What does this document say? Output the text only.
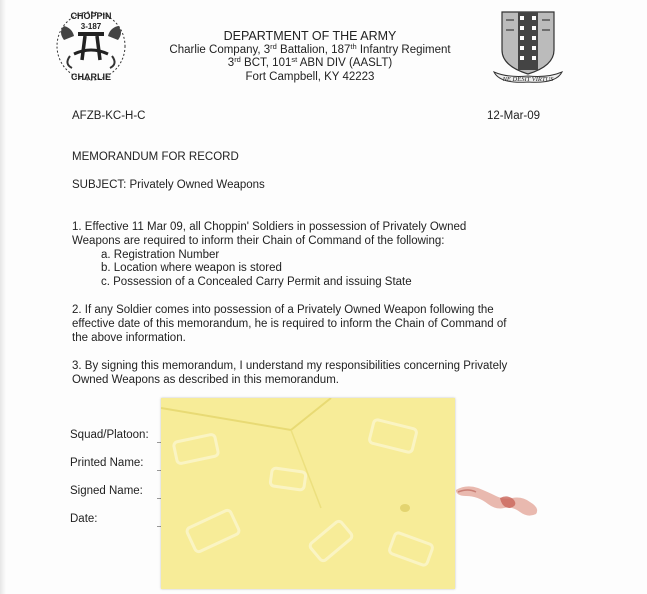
CHOPPIN
3-187
CHARLIE
DEPARTMENT OF THE ARMY
Charlie Company, 3rd Battalion, 187th Infantry Regiment
3rd BCT, 101st ABN DIV (AASLT)
Fort Campbell, KY 42223	NE DESIT VIRTUS
AFZB-KC-H-C	12-Mar-09
MEMORANDUM FOR RECORD
SUBJECT: Privately Owned Weapons
1. Effective 11 Mar 09, all Choppin' Soldiers in possession of Privately Owned
Weapons are required to inform their Chain of Command of the following:
a. Registration Number
b. Location where weapon is stored
c. Possession of a Concealed Carry Permit and issuing State
2. If any Soldier comes into possession of a Privately Owned Weapon following the
effective date of this memorandum, he is required to inform the Chain of Command of
the above information.
3. By signing this memorandum, I understand my responsibilities concerning Privately
Owned Weapons as described in this memorandum.
Squad/Platoon:
Printed Name:
Signed Name:
Date:
